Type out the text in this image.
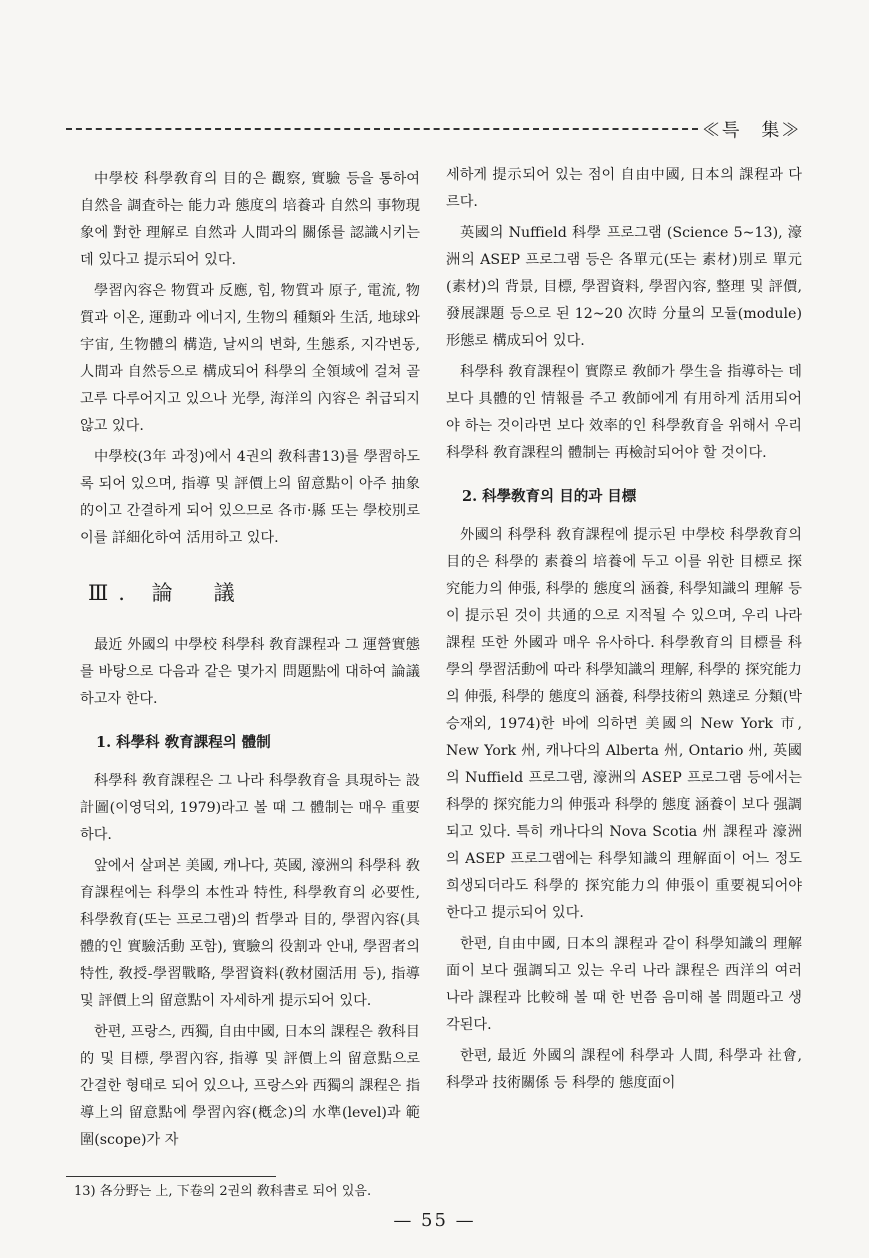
≪특　集≫

中學校 科學敎育의 目的은 觀察, 實驗 등을 통하여 自然을 調査하는 能力과 態度의 培養과 自然의 事物現象에 對한 理解로 自然과 人間과의 關係를 認識시키는 데 있다고 提示되어 있다.

學習內容은 物質과 反應, 힘, 物質과 原子, 電流, 物質과 이온, 運動과 에너지, 生物의 種類와 生活, 地球와 宇宙, 生物體의 構造, 날씨의 변화, 生態系, 지각변동, 人間과 自然등으로 構成되어 科學의 全領域에 걸쳐 골고루 다루어지고 있으나 光學, 海洋의 內容은 취급되지 않고 있다.

中學校(3年 과정)에서 4권의 敎科書13)를 學習하도록 되어 있으며, 指導 및 評價上의 留意點이 아주 抽象的이고 간결하게 되어 있으므로 各市·縣 또는 學校別로 이를 詳細化하여 活用하고 있다.

Ⅲ. 論　議

最近 外國의 中學校 科學科 敎育課程과 그 運營實態를 바탕으로 다음과 같은 몇가지 問題點에 대하여 論議하고자 한다.

1. 科學科 敎育課程의 體制

科學科 敎育課程은 그 나라 科學敎育을 具現하는 設計圖(이영덕외, 1979)라고 볼 때 그 體制는 매우 重要하다.

앞에서 살펴본 美國, 캐나다, 英國, 濠洲의 科學科 敎育課程에는 科學의 本性과 特性, 科學敎育의 必要性, 科學敎育(또는 프로그램)의 哲學과 目的, 學習內容(具體的인 實驗活動 포함), 實驗의 役割과 안내, 學習者의 特性, 敎授-學習戰略, 學習資料(敎材園活用 등), 指導 및 評價上의 留意點이 자세하게 提示되어 있다.

한편, 프랑스, 西獨, 自由中國, 日本의 課程은 敎科目的 및 目標, 學習內容, 指導 및 評價上의 留意點으로 간결한 형태로 되어 있으나, 프랑스와 西獨의 課程은 指導上의 留意點에 學習內容(槪念)의 水準(level)과 範圍(scope)가 자

세하게 提示되어 있는 점이 自由中國, 日本의 課程과 다르다.

英國의 Nuffield 科學 프로그램 (Science 5∼13), 濠洲의 ASEP 프로그램 등은 各單元(또는 素材)別로 單元(素材)의 背景, 目標, 學習資料, 學習內容, 整理 및 評價, 發展課題 등으로 된 12∼20 次時 分量의 모듈(module)形態로 構成되어 있다.

科學科 敎育課程이 實際로 敎師가 學生을 指導하는 데 보다 具體的인 情報를 주고 敎師에게 有用하게 活用되어야 하는 것이라면 보다 效率的인 科學敎育을 위해서 우리 科學科 敎育課程의 體制는 再檢討되어야 할 것이다.

2. 科學敎育의 目的과 目標

外國의 科學科 敎育課程에 提示된 中學校 科學敎育의 目的은 科學的 素養의 培養에 두고 이를 위한 目標로 探究能力의 伸張, 科學的 態度의 涵養, 科學知識의 理解 등이 提示된 것이 共通的으로 지적될 수 있으며, 우리 나라 課程 또한 外國과 매우 유사하다. 科學敎育의 目標를 科學의 學習活動에 따라 科學知識의 理解, 科學的 探究能力의 伸張, 科學的 態度의 涵養, 科學技術의 熟達로 分類(박승재외, 1974)한 바에 의하면 美國의 New York 市, New York 州, 캐나다의 Alberta 州, Ontario 州, 英國의 Nuffield 프로그램, 濠洲의 ASEP 프로그램 등에서는 科學的 探究能力의 伸張과 科學的 態度 涵養이 보다 强調되고 있다. 특히 캐나다의 Nova Scotia 州 課程과 濠洲의 ASEP 프로그램에는 科學知識의 理解面이 어느 정도 희생되더라도 科學的 探究能力의 伸張이 重要視되어야 한다고 提示되어 있다.

한편, 自由中國, 日本의 課程과 같이 科學知識의 理解面이 보다 强調되고 있는 우리 나라 課程은 西洋의 여러 나라 課程과 比較해 볼 때 한 번쯤 음미해 볼 問題라고 생각된다.

한편, 最近 外國의 課程에 科學과 人間, 科學과 社會, 科學과 技術關係 등 科學的 態度面이

13) 各分野는 上, 下卷의 2권의 敎科書로 되어 있음.
— 55 —
